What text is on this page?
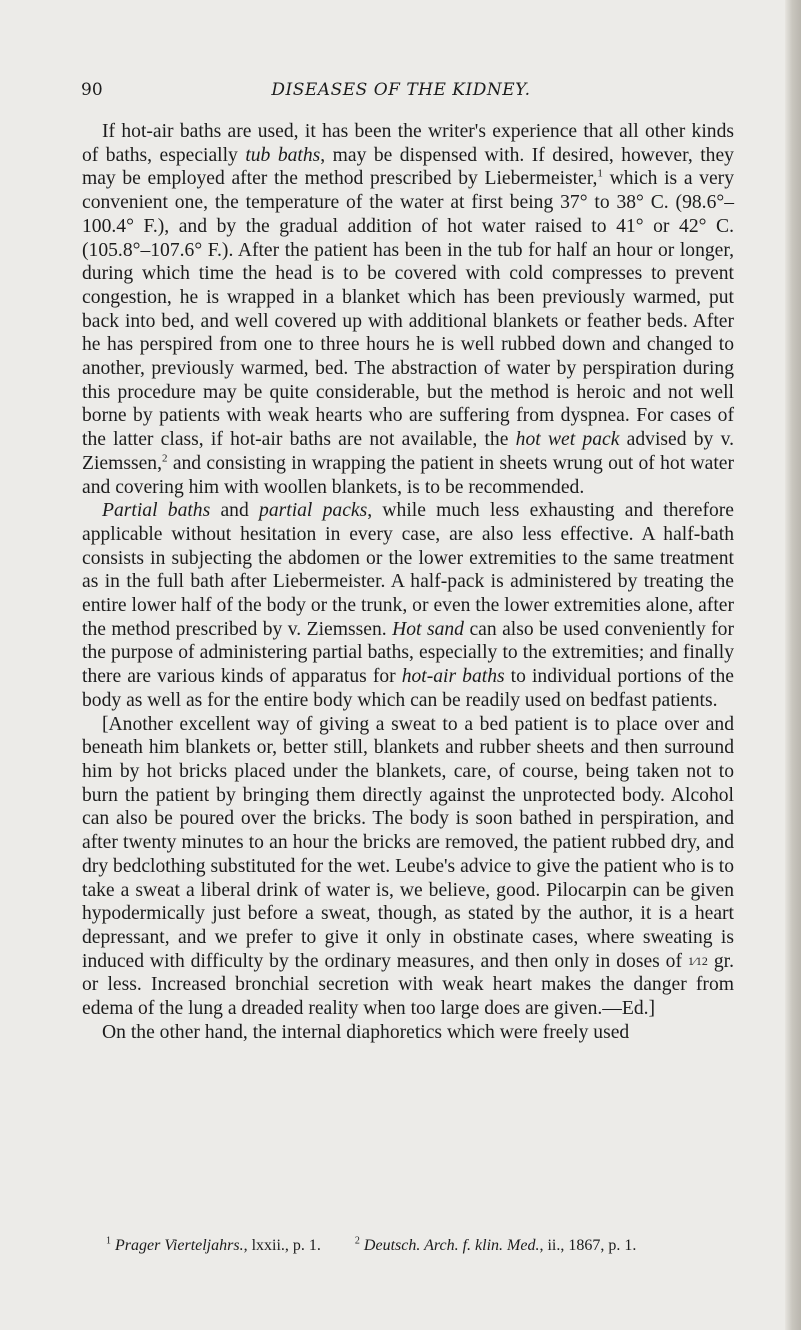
90	DISEASES OF THE KIDNEY.

If hot-air baths are used, it has been the writer's experience that all other kinds of baths, especially tub baths, may be dispensed with. If desired, however, they may be employed after the method prescribed by Liebermeister,$^1$ which is a very convenient one, the temperature of the water at first being 37° to 38° C. (98.6°–100.4° F.), and by the gradual addition of hot water raised to 41° or 42° C. (105.8°–107.6° F.). After the patient has been in the tub for half an hour or longer, during which time the head is to be covered with cold compresses to prevent congestion, he is wrapped in a blanket which has been previously warmed, put back into bed, and well covered up with additional blankets or feather beds. After he has perspired from one to three hours he is well rubbed down and changed to another, previously warmed, bed. The abstraction of water by perspiration during this procedure may be quite considerable, but the method is heroic and not well borne by patients with weak hearts who are suffering from dyspnea. For cases of the latter class, if hot-air baths are not available, the hot wet pack advised by v. Ziemssen,$^2$ and consisting in wrapping the patient in sheets wrung out of hot water and covering him with woollen blankets, is to be recommended.

Partial baths and partial packs, while much less exhausting and therefore applicable without hesitation in every case, are also less effective. A half-bath consists in subjecting the abdomen or the lower extremities to the same treatment as in the full bath after Liebermeister. A half-pack is administered by treating the entire lower half of the body or the trunk, or even the lower extremities alone, after the method prescribed by v. Ziemssen. Hot sand can also be used conveniently for the purpose of administering partial baths, especially to the extremities; and finally there are various kinds of apparatus for hot-air baths to individual portions of the body as well as for the entire body which can be readily used on bedfast patients.

[Another excellent way of giving a sweat to a bed patient is to place over and beneath him blankets or, better still, blankets and rubber sheets and then surround him by hot bricks placed under the blankets, care, of course, being taken not to burn the patient by bringing them directly against the unprotected body. Alcohol can also be poured over the bricks. The body is soon bathed in perspiration, and after twenty minutes to an hour the bricks are removed, the patient rubbed dry, and dry bedclothing substituted for the wet. Leube's advice to give the patient who is to take a sweat a liberal drink of water is, we believe, good. Pilocarpin can be given hypodermically just before a sweat, though, as stated by the author, it is a heart depressant, and we prefer to give it only in obstinate cases, where sweating is induced with difficulty by the ordinary measures, and then only in doses of 1⁄12 gr. or less. Increased bronchial secretion with weak heart makes the danger from edema of the lung a dreaded reality when too large does are given.—Ed.]

On the other hand, the internal diaphoretics which were freely used

$^1$ Prager Vierteljahrs., lxxii., p. 1.	$^2$ Deutsch. Arch. f. klin. Med., ii., 1867, p. 1.
